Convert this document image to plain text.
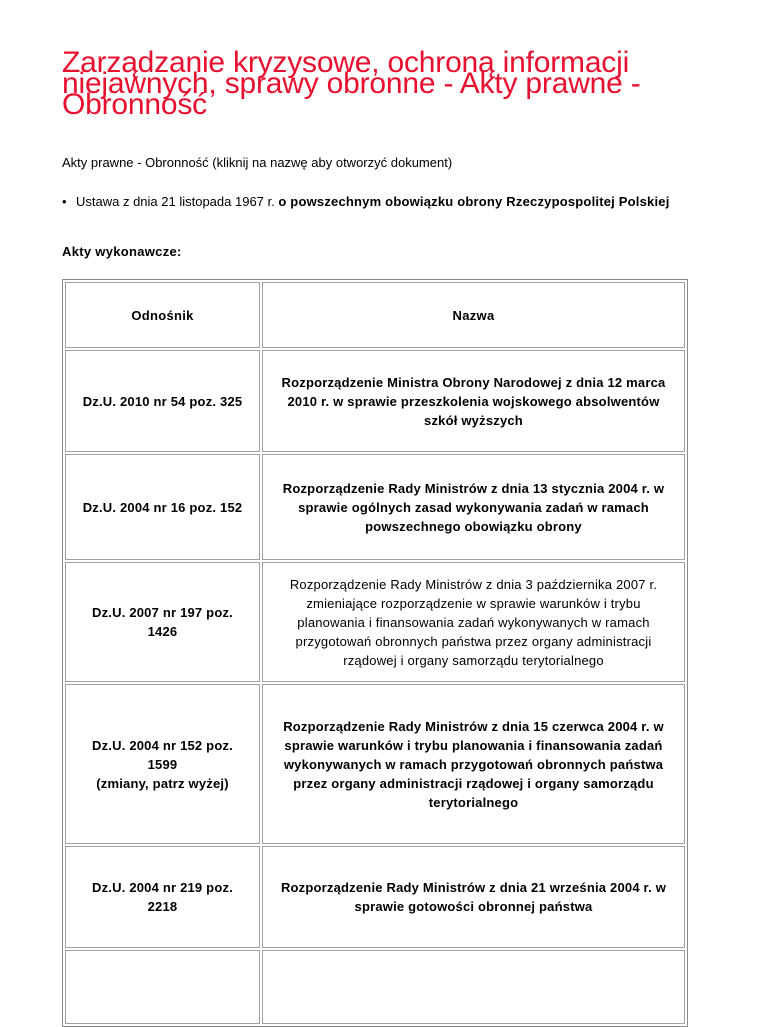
Zarządzanie kryzysowe, ochroną informacji niejawnych, sprawy obronne - Akty prawne - Obronność
Akty prawne - Obronność (kliknij na nazwę aby otworzyć dokument)
• Ustawa z dnia 21 listopada 1967 r. o powszechnym obowiązku obrony Rzeczypospolitej Polskiej
Akty wykonawcze:
Odnośnik	Nazwa
Dz.U. 2010 nr 54 poz. 325	Rozporządzenie Ministra Obrony Narodowej z dnia 12 marca 2010 r. w sprawie przeszkolenia wojskowego absolwentów szkół wyższych
Dz.U. 2004 nr 16 poz. 152	Rozporządzenie Rady Ministrów z dnia 13 stycznia 2004 r. w sprawie ogólnych zasad wykonywania zadań w ramach powszechnego obowiązku obrony
Dz.U. 2007 nr 197 poz. 1426	Rozporządzenie Rady Ministrów z dnia 3 października 2007 r. zmieniające rozporządzenie w sprawie warunków i trybu planowania i finansowania zadań wykonywanych w ramach przygotowań obronnych państwa przez organy administracji rządowej i organy samorządu terytorialnego
Dz.U. 2004 nr 152 poz. 1599
(zmiany, patrz wyżej)	Rozporządzenie Rady Ministrów z dnia 15 czerwca 2004 r. w sprawie warunków i trybu planowania i finansowania zadań wykonywanych w ramach przygotowań obronnych państwa przez organy administracji rządowej i organy samorządu terytorialnego
Dz.U. 2004 nr 219 poz. 2218	Rozporządzenie Rady Ministrów z dnia 21 września 2004 r. w sprawie gotowości obronnej państwa
